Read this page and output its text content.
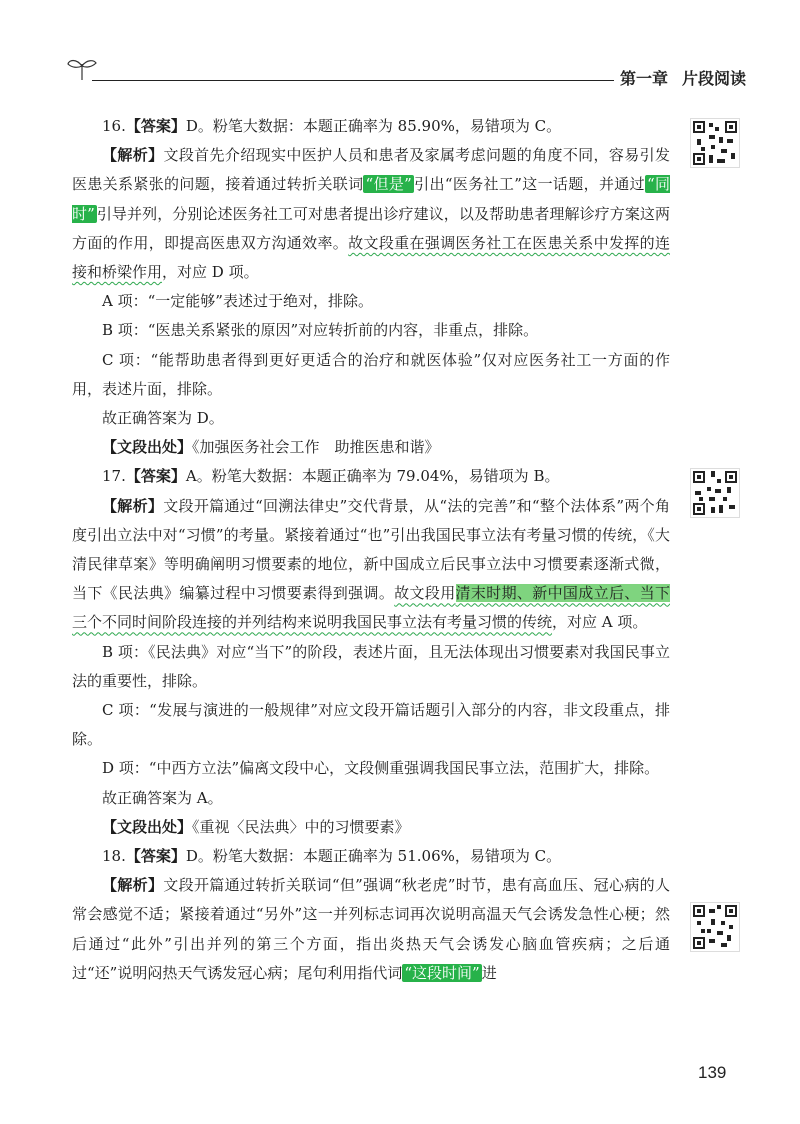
第一章 片段阅读
16.【答案】D。粉笔大数据：本题正确率为 85.90%，易错项为 C。
【解析】文段首先介绍现实中医护人员和患者及家属考虑问题的角度不同，容易引发医患关系紧张的问题，接着通过转折关联词 “但是” 引出“医务社工”这一话题，并通过 “同时” 引导并列，分别论述医务社工可对患者提出诊疗建议，以及帮助患者理解诊疗方案这两方面的作用，即提高医患双方沟通效率。故文段重在强调医务社工在医患关系中发挥的连接和桥梁作用，对应 D 项。
A 项：“一定能够”表述过于绝对，排除。
B 项：“医患关系紧张的原因”对应转折前的内容，非重点，排除。
C 项：“能帮助患者得到更好更适合的治疗和就医体验”仅对应医务社工一方面的作用，表述片面，排除。
故正确答案为 D。
【文段出处】《加强医务社会工作　助推医患和谐》
17.【答案】A。粉笔大数据：本题正确率为 79.04%，易错项为 B。
【解析】文段开篇通过“回溯法律史”交代背景，从“法的完善”和“整个法体系”两个角度引出立法中对“习惯”的考量。紧接着通过“也”引出我国民事立法有考量习惯的传统，《大清民律草案》等明确阐明习惯要素的地位，新中国成立后民事立法中习惯要素逐渐式微，当下《民法典》编纂过程中习惯要素得到强调。故文段用清末时期、新中国成立后、当下三个不同时间阶段连接的并列结构来说明我国民事立法有考量习惯的传统，对应 A 项。
B 项：《民法典》对应“当下”的阶段，表述片面，且无法体现出习惯要素对我国民事立法的重要性，排除。
C 项：“发展与演进的一般规律”对应文段开篇话题引入部分的内容，非文段重点，排除。
D 项：“中西方立法”偏离文段中心，文段侧重强调我国民事立法，范围扩大，排除。
故正确答案为 A。
【文段出处】《重视〈民法典〉中的习惯要素》
18.【答案】D。粉笔大数据：本题正确率为 51.06%，易错项为 C。
【解析】文段开篇通过转折关联词“但”强调“秋老虎”时节，患有高血压、冠心病的人常会感觉不适；紧接着通过“另外”这一并列标志词再次说明高温天气会诱发急性心梗；然后通过“此外”引出并列的第三个方面，指出炎热天气会诱发心脑血管疾病；之后通过“还”说明闷热天气诱发冠心病；尾句利用指代词 “这段时间” 进
139
